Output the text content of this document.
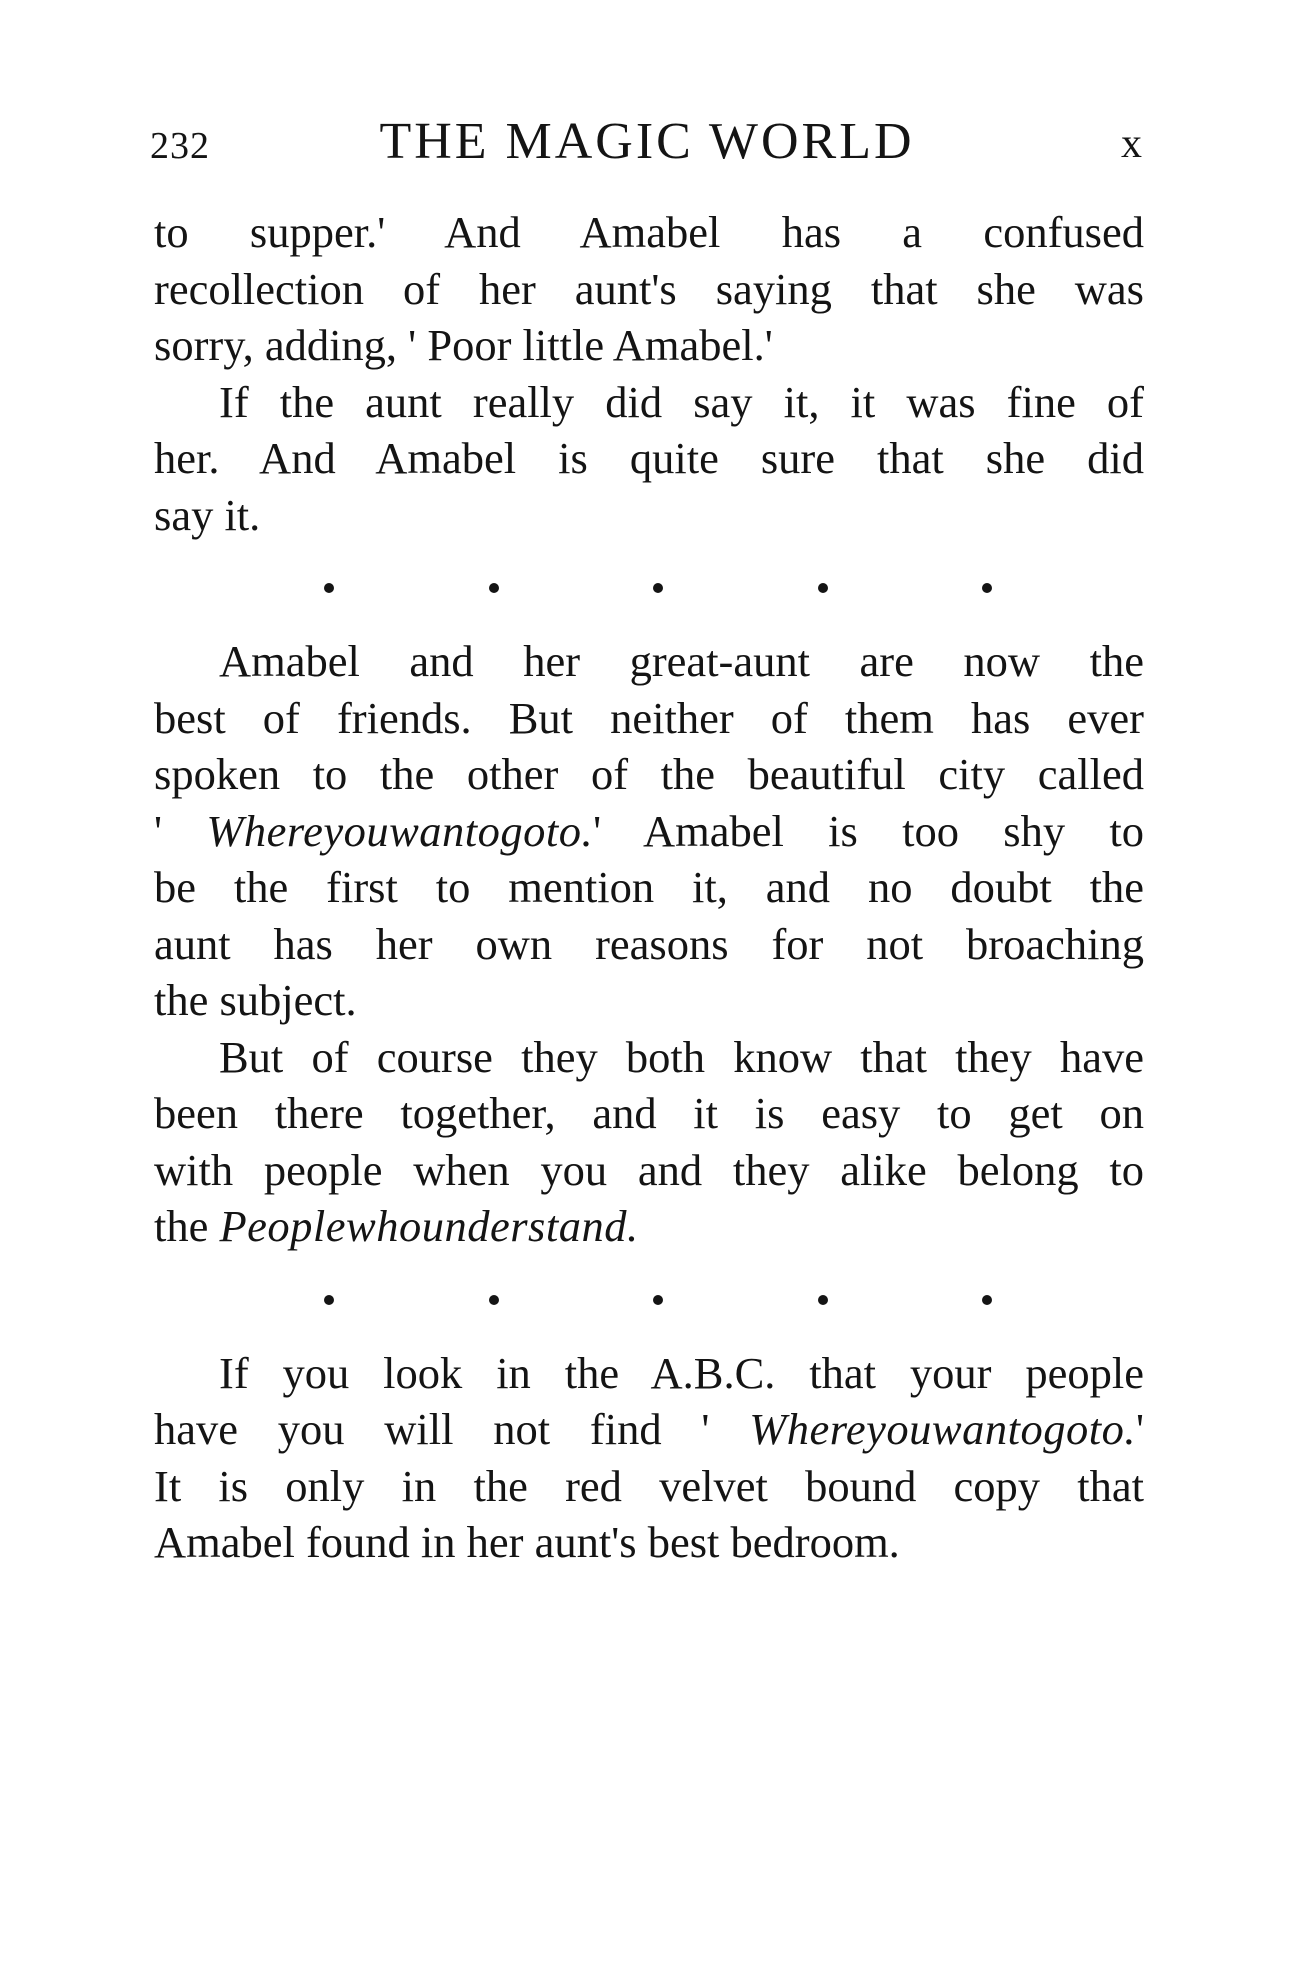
232	THE MAGIC WORLD	x
to supper.' And Amabel has a confused
recollection of her aunt's saying that she was
sorry, adding, ' Poor little Amabel.'
If the aunt really did say it, it was fine of
her. And Amabel is quite sure that she did
say it.
Amabel and her great-aunt are now the
best of friends. But neither of them has ever
spoken to the other of the beautiful city called
' Whereyouwantogoto.' Amabel is too shy to
be the first to mention it, and no doubt the
aunt has her own reasons for not broaching
the subject.
But of course they both know that they have
been there together, and it is easy to get on
with people when you and they alike belong to
the Peoplewhounderstand.
If you look in the A.B.C. that your people
have you will not find ' Whereyouwantogoto.'
It is only in the red velvet bound copy that
Amabel found in her aunt's best bedroom.
